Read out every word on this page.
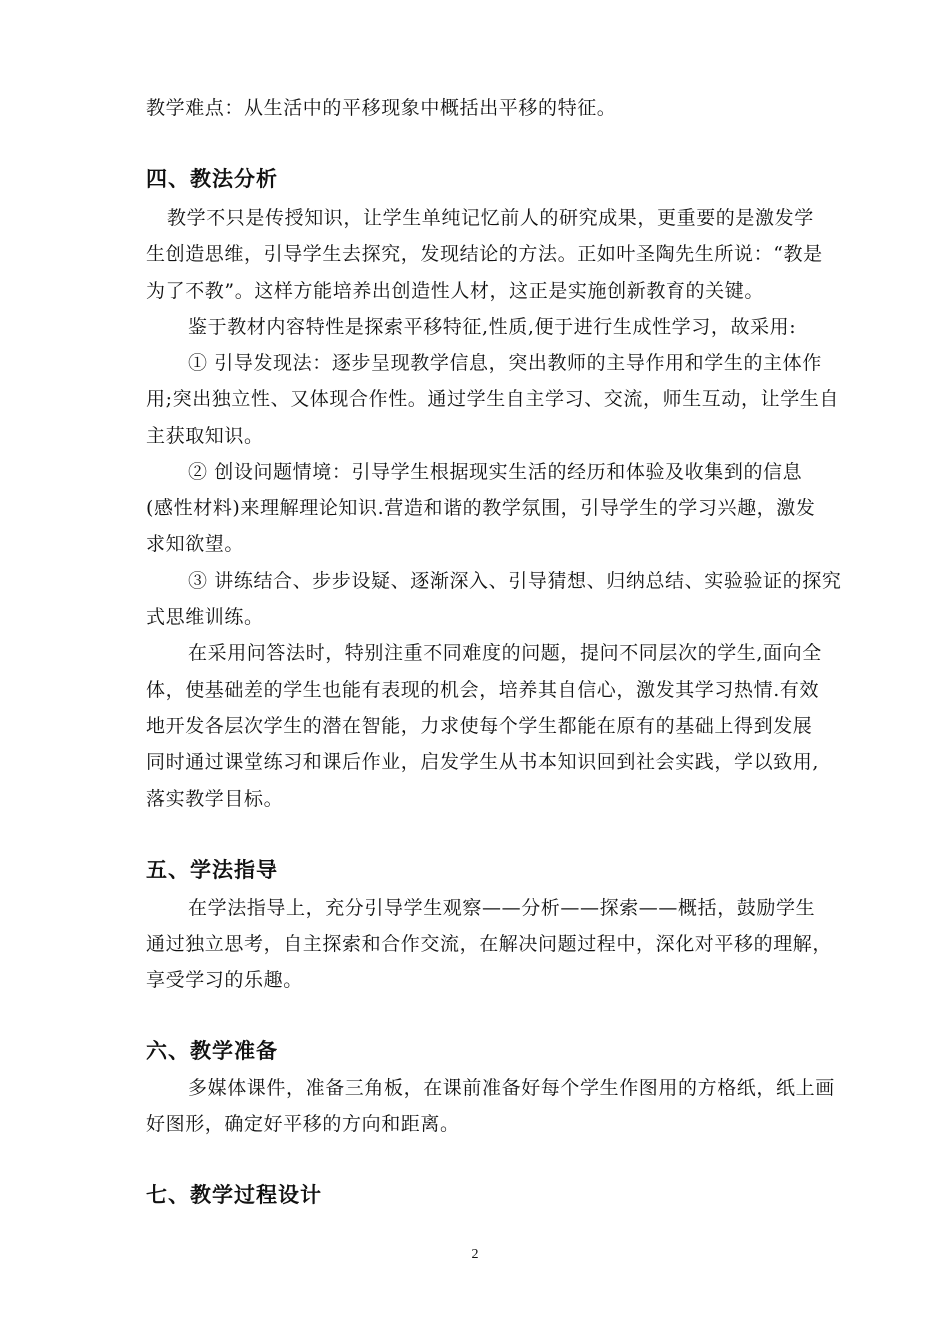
教学难点：从生活中的平移现象中概括出平移的特征。
四、教法分析
教学不只是传授知识，让学生单纯记忆前人的研究成果，更重要的是激发学
生创造思维，引导学生去探究，发现结论的方法。正如叶圣陶先生所说：“教是
为了不教”。这样方能培养出创造性人材，这正是实施创新教育的关键。
鉴于教材内容特性是探索平移特征,性质,便于进行生成性学习，故采用:
① 引导发现法：逐步呈现教学信息，突出教师的主导作用和学生的主体作
用;突出独立性、又体现合作性。通过学生自主学习、交流，师生互动，让学生自
主获取知识。
② 创设问题情境：引导学生根据现实生活的经历和体验及收集到的信息
(感性材料)来理解理论知识.营造和谐的教学氛围，引导学生的学习兴趣，激发
求知欲望。
③ 讲练结合、步步设疑、逐渐深入、引导猜想、归纳总结、实验验证的探究
式思维训练。
在采用问答法时，特别注重不同难度的问题，提问不同层次的学生,面向全
体，使基础差的学生也能有表现的机会，培养其自信心，激发其学习热情.有效
地开发各层次学生的潜在智能，力求使每个学生都能在原有的基础上得到发展
同时通过课堂练习和课后作业，启发学生从书本知识回到社会实践，学以致用,
落实教学目标。
五、学法指导
在学法指导上，充分引导学生观察——分析——探索——概括，鼓励学生
通过独立思考，自主探索和合作交流，在解决问题过程中，深化对平移的理解，
享受学习的乐趣。
六、教学准备
多媒体课件，准备三角板，在课前准备好每个学生作图用的方格纸，纸上画
好图形，确定好平移的方向和距离。
七、教学过程设计
2
